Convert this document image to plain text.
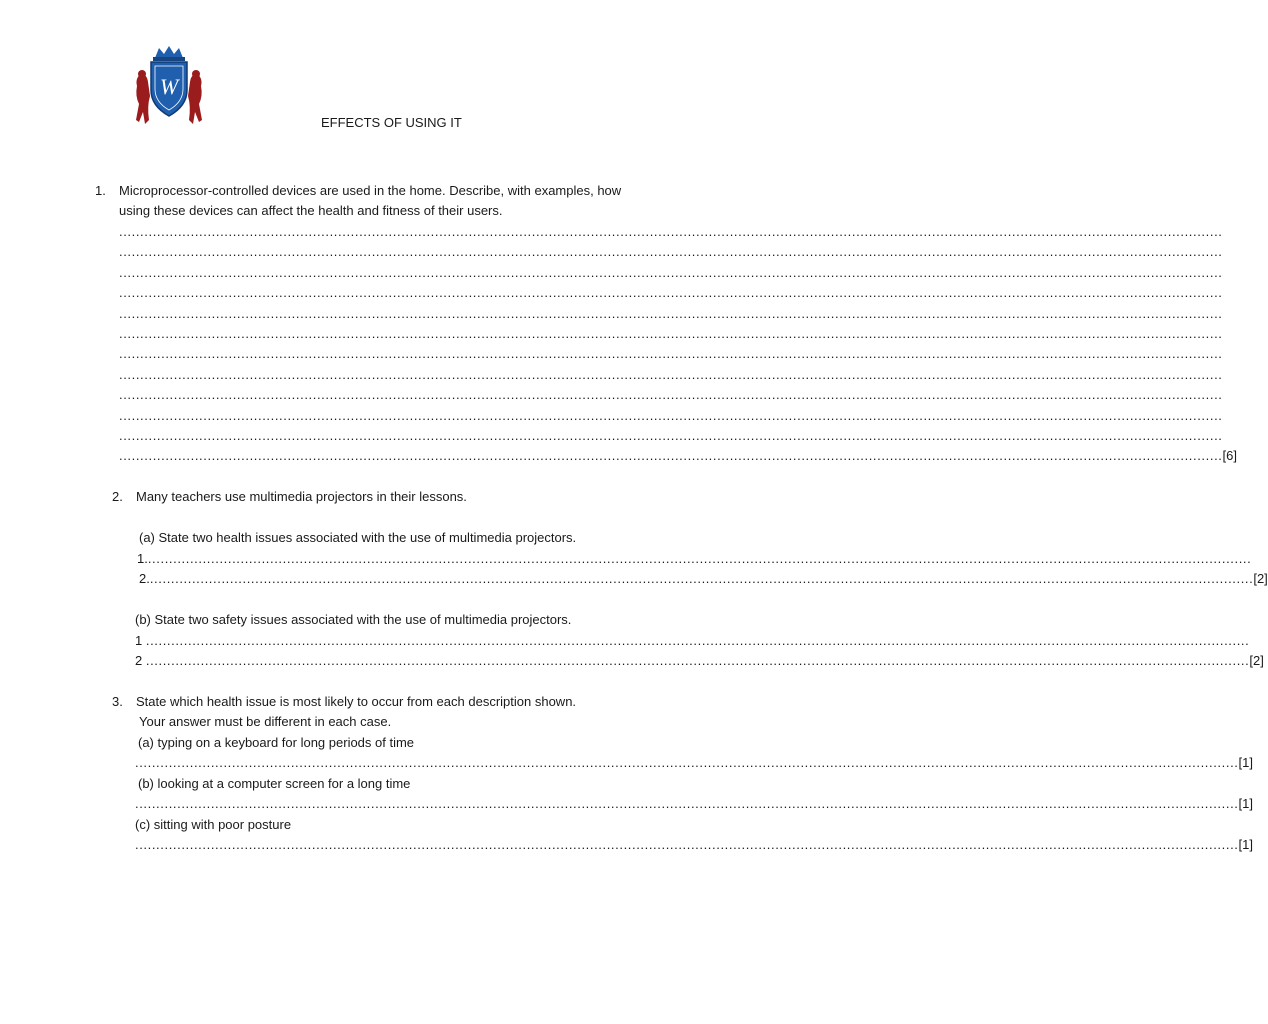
W
EFFECTS OF USING IT
1. Microprocessor-controlled devices are used in the home. Describe, with examples, how
using these devices can affect the health and fitness of their users.
......................................................................................................................................................................................................................................................................
......................................................................................................................................................................................................................................................................
......................................................................................................................................................................................................................................................................
......................................................................................................................................................................................................................................................................
......................................................................................................................................................................................................................................................................
......................................................................................................................................................................................................................................................................
......................................................................................................................................................................................................................................................................
......................................................................................................................................................................................................................................................................
......................................................................................................................................................................................................................................................................
......................................................................................................................................................................................................................................................................
......................................................................................................................................................................................................................................................................
...................................................................................................................................................................................................................................................................... [6]
2. Many teachers use multimedia projectors in their lessons.
(a) State two health issues associated with the use of multimedia projectors.
1. ......................................................................................................................................................................................................................................................................
2. ...................................................................................................................................................................................................................................................................... [2]
(b) State two safety issues associated with the use of multimedia projectors.
1
......................................................................................................................................................................................................................................................................
2
...................................................................................................................................................................................................................................................................... [2]
3. State which health issue is most likely to occur from each description shown.
Your answer must be different in each case.
(a) typing on a keyboard for long periods of time
...................................................................................................................................................................................................................................................................... [1]
(b) looking at a computer screen for a long time
...................................................................................................................................................................................................................................................................... [1]
(c) sitting with poor posture
...................................................................................................................................................................................................................................................................... [1]
